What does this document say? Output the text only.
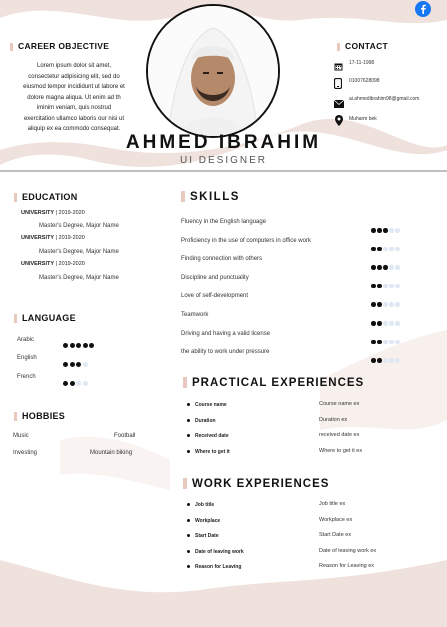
AHMED IBRAHIM
UI DESIGNER
CAREER OBJECTIVE
Lorem ipsum dolor sit amet,
consectetur adipisicing elit, sed do
eiusmod tempor incididunt ut labore et
dolore magna aliqua. Ut enim ad th
iminim veniam, quis nostrud
exercitation ullamco laboris our nisi ut
aliquip ex ea commodo consequat.
CONTACT
17-11-1998
01007628098
ai.ahmedibrahim98@gmail.com
Muharm bek
EDUCATION
UNIVERSITY | 2019-2020
Master's Degree, Major Name
UNIVERSITY | 2019-2020
Master's Degree, Major Name
UNIVERSITY | 2019-2020
Master's Degree, Major Name
LANGUAGE
Arabic
English
French
HOBBIES
Music	Football
Investing	Mountain biking
SKILLS
Fluency in the English language
Proficiency in the use of computers in office work
Finding connection with others
Discipline and punctuality
Love of self-development
Teamwork
Driving and having a valid license
the ability to work under pressure
PRACTICAL EXPERIENCES
Course name	Course name ex
Duration	Duration ex
Received date	received date ex
Where to get it	Where to get it ex
WORK EXPERIENCES
Job title	Job title ex
Workplace	Workplace ex
Start Date	Start Date ex
Date of leaving work	Date of leaving work ex
Reason for Leaving	Reason for Leaving ex
